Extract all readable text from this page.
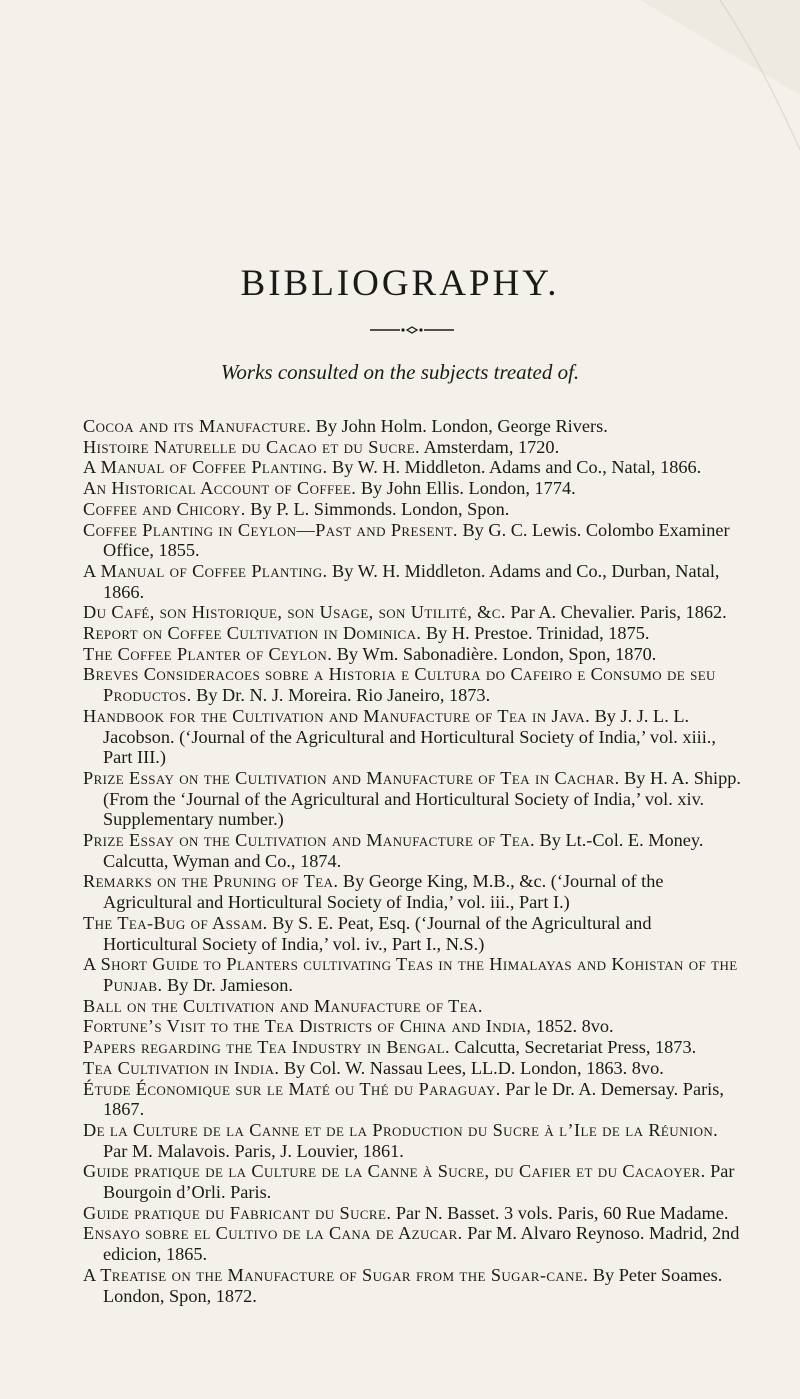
BIBLIOGRAPHY.

Works consulted on the subjects treated of.

Cocoa and its Manufacture. By John Holm. London, George Rivers.
Histoire Naturelle du Cacao et du Sucre. Amsterdam, 1720.
A Manual of Coffee Planting. By W. H. Middleton. Adams and Co., Natal, 1866.
An Historical Account of Coffee. By John Ellis. London, 1774.
Coffee and Chicory. By P. L. Simmonds. London, Spon.
Coffee Planting in Ceylon—Past and Present. By G. C. Lewis. Colombo Examiner Office, 1855.
A Manual of Coffee Planting. By W. H. Middleton. Adams and Co., Durban, Natal, 1866.
Du Café, son Historique, son Usage, son Utilité, &c. Par A. Chevalier. Paris, 1862.
Report on Coffee Cultivation in Dominica. By H. Prestoe. Trinidad, 1875.
The Coffee Planter of Ceylon. By Wm. Sabonadière. London, Spon, 1870.
Breves Consideracoes sobre a Historia e Cultura do Cafeiro e Consumo de seu Productos. By Dr. N. J. Moreira. Rio Janeiro, 1873.
Handbook for the Cultivation and Manufacture of Tea in Java. By J. J. L. L. Jacobson. (‘Journal of the Agricultural and Horticultural Society of India,’ vol. xiii., Part III.)
Prize Essay on the Cultivation and Manufacture of Tea in Cachar. By H. A. Shipp. (From the ‘Journal of the Agricultural and Horticultural Society of India,’ vol. xiv. Supplementary number.)
Prize Essay on the Cultivation and Manufacture of Tea. By Lt.-Col. E. Money. Calcutta, Wyman and Co., 1874.
Remarks on the Pruning of Tea. By George King, M.B., &c. (‘Journal of the Agricultural and Horticultural Society of India,’ vol. iii., Part I.)
The Tea-Bug of Assam. By S. E. Peat, Esq. (‘Journal of the Agricultural and Horticultural Society of India,’ vol. iv., Part I., N.S.)
A Short Guide to Planters cultivating Teas in the Himalayas and Kohistan of the Punjab. By Dr. Jamieson.
Ball on the Cultivation and Manufacture of Tea.
Fortune’s Visit to the Tea Districts of China and India, 1852. 8vo.
Papers regarding the Tea Industry in Bengal. Calcutta, Secretariat Press, 1873.
Tea Cultivation in India. By Col. W. Nassau Lees, LL.D. London, 1863. 8vo.
Étude Économique sur le Maté ou Thé du Paraguay. Par le Dr. A. Demersay. Paris, 1867.
De la Culture de la Canne et de la Production du Sucre à l’Ile de la Réunion. Par M. Malavois. Paris, J. Louvier, 1861.
Guide pratique de la Culture de la Canne à Sucre, du Cafier et du Cacaoyer. Par Bourgoin d’Orli. Paris.
Guide pratique du Fabricant du Sucre. Par N. Basset. 3 vols. Paris, 60 Rue Madame.
Ensayo sobre el Cultivo de la Cana de Azucar. Par M. Alvaro Reynoso. Madrid, 2nd edicion, 1865.
A Treatise on the Manufacture of Sugar from the Sugar-cane. By Peter Soames. London, Spon, 1872.
